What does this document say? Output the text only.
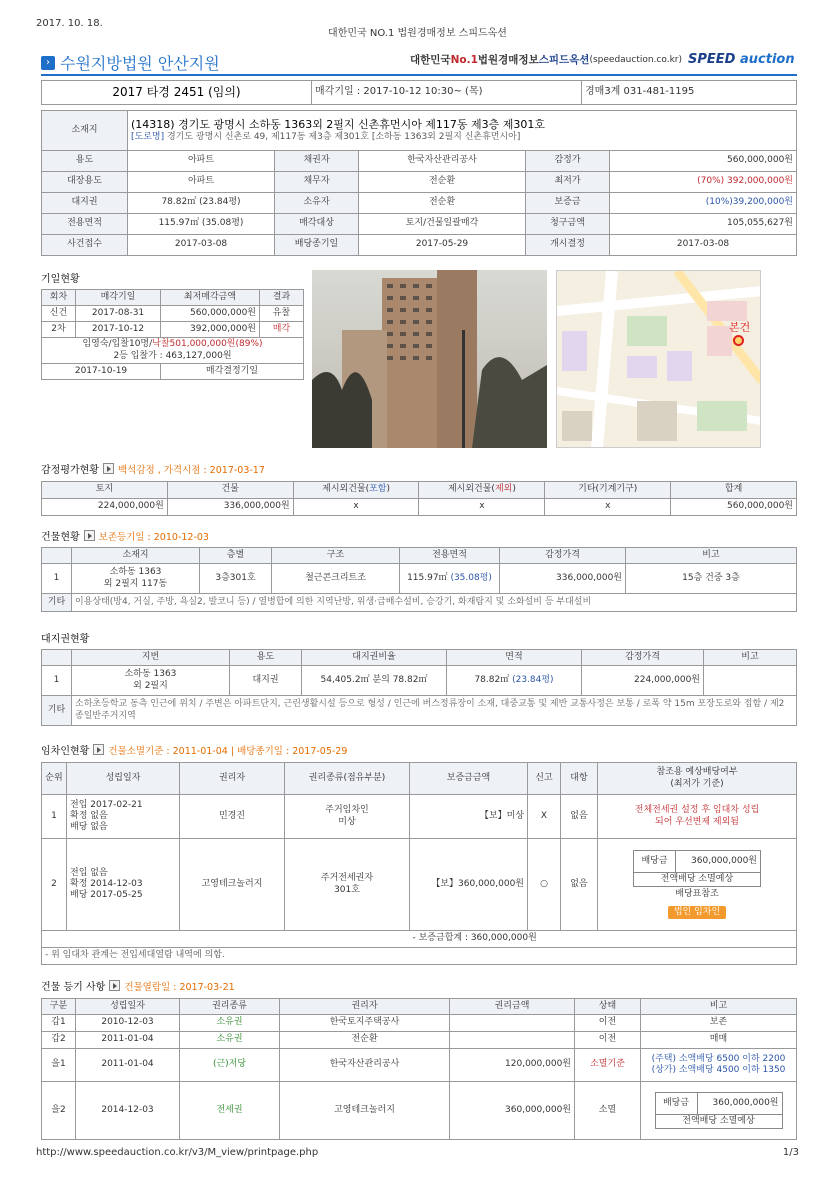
2017. 10. 18.
대한민국 NO.1 법원경매정보 스피드옥션
› 수원지방법원 안산지원	대한민국 No.1 법원경매정보 스피드옥션 (speedauction.co.kr) SPEED auction
2017 타경 2451 (임의)	매각기일 : 2017-10-12 10:30~ (목)	경매3계 031-481-1195
소재지	(14318) 경기도 광명시 소하동 1363외 2필지 신촌휴먼시아 제117동 제3층 제301호
[도로명] 경기도 광명시 신촌로 49, 제117동 제3층 제301호 [소하동 1363외 2필지 신촌휴먼시아]				

용도	아파트	채권자	한국자산관리공사	감정가	560,000,000원
대장용도	아파트	채무자	전순환	최저가	(70%) 392,000,000원
대지권	78.82㎡ (23.84평)	소유자	전순환	보증금	(10%)39,200,000원
전용면적	115.97㎡ (35.08평)	매각대상	토지/건물일괄매각	청구금액	105,055,627원
사건접수	2017-03-08	배당종기일	2017-05-29	개시결정	2017-03-08
기일현황
회차	매각기일	최저매각금액	결과
신건	2017-08-31	560,000,000원	유찰
2차	2017-10-12	392,000,000원	매각

임영숙/입찰10명/낙찰501,000,000원(89%)
2등 입찰가 : 463,127,000원			

2017-10-19		매각결정기일	
본건
감정평가현황 백석감정 , 가격시점 : 2017-03-17
토지	건물	제시외건물(포함)	제시외건물(제외)	기타(기계기구)	합계
224,000,000원	336,000,000원	x	x	x	560,000,000원
건물현황 보존등기일 : 2010-12-03
	소재지	층별	구조	전용면적	감정가격	비고
1	소하동 1363
외 2필지 117동	3층301호	철근콘크리트조	115.97㎡ (35.08평)	336,000,000원	15층 건중 3층
기타	이용상태(방4, 거실, 주방, 욕실2, 발코니 등) / 열병합에 의한 지역난방, 위생·급배수설비, 승강기, 화재탐지 및 소화설비 등 부대설비					
대지권현황
	지번	용도	대지권비율	면적	감정가격	비고
1	소하동 1363
외 2필지	대지권	54,405.2㎡ 분의 78.82㎡	78.82㎡ (23.84평)	224,000,000원	
기타	소하초등학교 동측 인근에 위치 / 주변은 아파트단지, 근린생활시설 등으로 형성 / 인근에 버스정류장이 소재, 대중교통 및 제반 교통사정은 보통 / 로폭 약 15m 포장도로와 접함 / 제2종일반주거지역					
임차인현황 건물소멸기준 : 2011-01-04 | 배당종기일 : 2017-05-29
순위	성립일자	권리자	권리종류(점유부분)	보증금금액	신고	대항	참조용 예상배당여부
(최저가 기준)
1	전입 2017-02-21
확정 없음
배당 없음	민경진	주거임차인
미상	【보】미상	X	없음	전체전세권 설정 후 임대차 성립
되어 우선변제 제외됨
2	전입 없음
확정 2014-12-03
배당 2017-05-25	고영테크놀러지	주거전세권자
301호	【보】360,000,000원	○	없음	
배당금	360,000,000원
전액배당 소멸예상
배당표참조
법인 임차인
	- 보증금합계 : 360,000,000원
- 위 임대차 관계는 전입세대열람 내역에 의함.
건물 등기 사항 건물열람일 : 2017-03-21
구분	성립일자	권리종류	권리자	권리금액	상태	비고
갑1	2010-12-03	소유권	한국토지주택공사		이전	보존
갑2	2011-01-04	소유권	전순환		이전	매매
을1	2011-01-04	(근)저당	한국자산관리공사	120,000,000원	소멸기준	
(주택) 소액배당 6500 이하 2200
(상가) 소액배당 4500 이하 1350

을2	2014-12-03	전세권	고영테크놀러지	360,000,000원	소멸	
배당금	360,000,000원
전액배당 소멸예상
http://www.speedauction.co.kr/v3/M_view/printpage.php	1/3
